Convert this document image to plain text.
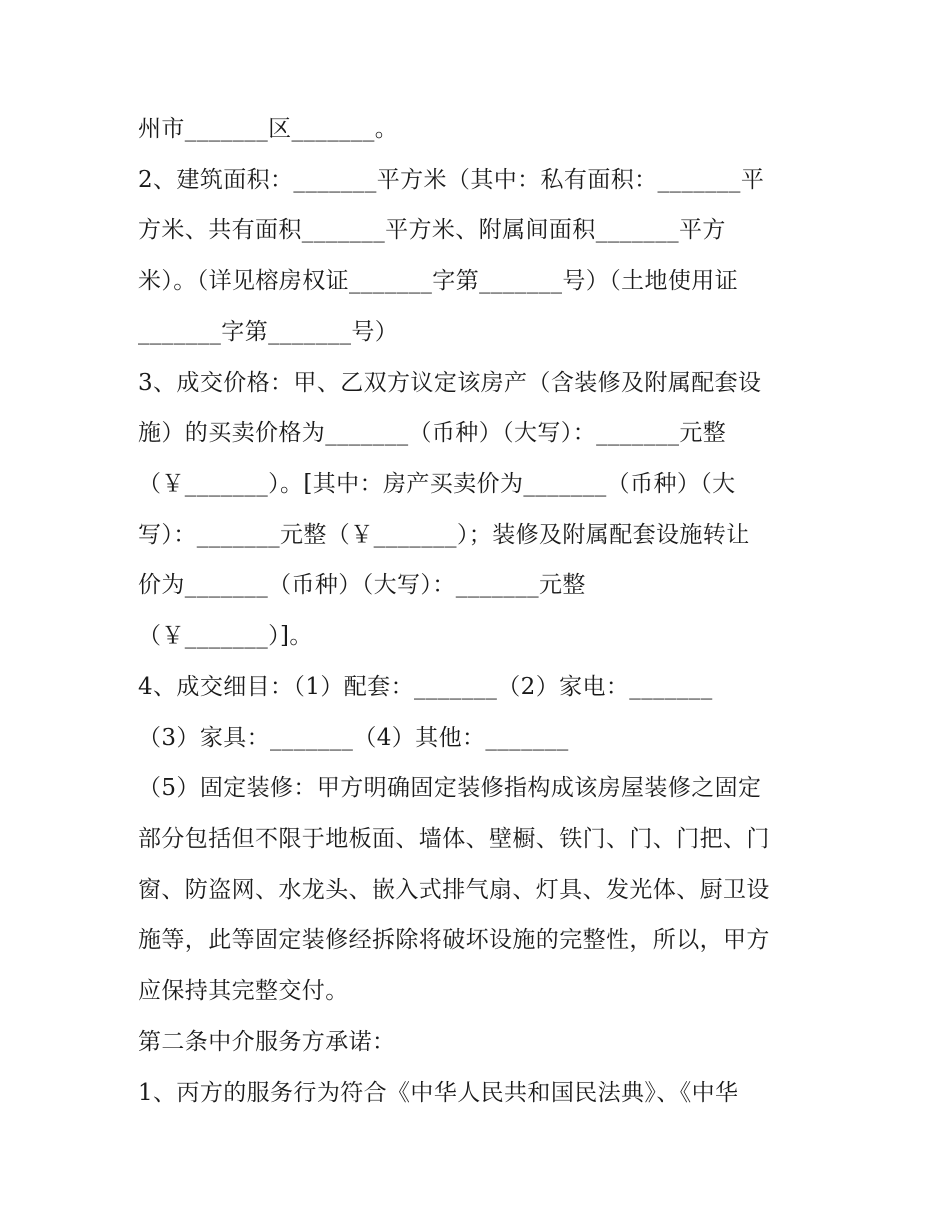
州市_______区_______。
2、建筑面积：_______平方米（其中：私有面积：_______平
方米、共有面积_______平方米、附属间面积_______平方
米）。（详见榕房权证_______字第_______号）（土地使用证
_______字第_______号）
3、成交价格：甲、乙双方议定该房产（含装修及附属配套设
施）的买卖价格为_______（币种）（大写）：_______元整
（￥_______）。[其中：房产买卖价为_______（币种）（大
写）：_______元整（￥_______）；装修及附属配套设施转让
价为_______（币种）（大写）：_______元整
（￥_______）]。
4、成交细目：（1）配套：_______（2）家电：_______
（3）家具：_______（4）其他：_______
（5）固定装修：甲方明确固定装修指构成该房屋装修之固定
部分包括但不限于地板面、墙体、壁橱、铁门、门、门把、门
窗、防盗网、水龙头、嵌入式排气扇、灯具、发光体、厨卫设
施等，此等固定装修经拆除将破坏设施的完整性，所以，甲方
应保持其完整交付。
第二条中介服务方承诺：
1、丙方的服务行为符合《中华人民共和国民法典》、《中华
